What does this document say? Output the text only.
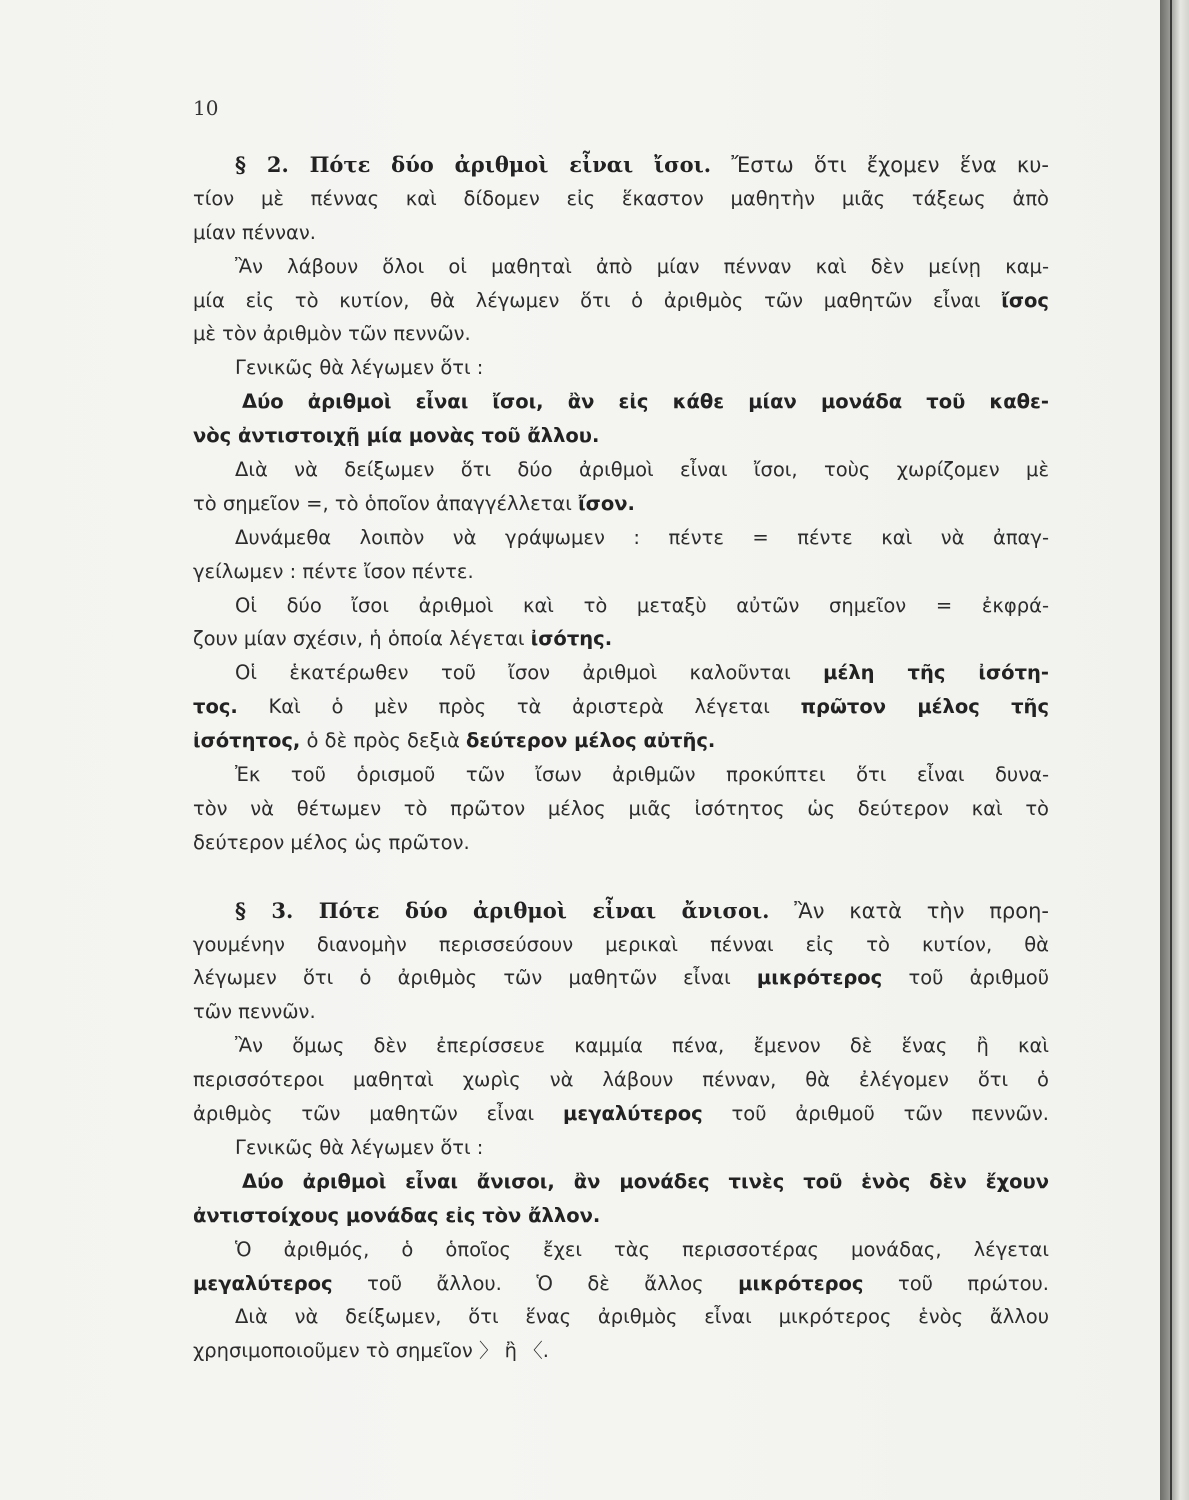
10
§ 2. Πότε δύο ἀριθμοὶ εἶναι ἴσοι. Ἔστω ὅτι ἔχομεν ἕνα κυ-
τίον μὲ πέννας καὶ δίδομεν εἰς ἕκαστον μαθητὴν μιᾶς τάξεως ἀπὸ
μίαν πένναν.
Ἂν λάβουν ὅλοι οἱ μαθηταὶ ἀπὸ μίαν πένναν καὶ δὲν μείνῃ καμ-
μία εἰς τὸ κυτίον, θὰ λέγωμεν ὅτι ὁ ἀριθμὸς τῶν μαθητῶν εἶναι ἴσος
μὲ τὸν ἀριθμὸν τῶν πεννῶν.
Γενικῶς θὰ λέγωμεν ὅτι :
Δύο ἀριθμοὶ εἶναι ἴσοι, ἂν εἰς κάθε μίαν μονάδα τοῦ καθε-
νὸς ἀντιστοιχῇ μία μονὰς τοῦ ἄλλου.
Διὰ νὰ δείξωμεν ὅτι δύο ἀριθμοὶ εἶναι ἴσοι, τοὺς χωρίζομεν μὲ
τὸ σημεῖον =, τὸ ὁποῖον ἀπαγγέλλεται ἴσον.
Δυνάμεθα λοιπὸν νὰ γράψωμεν : πέντε = πέντε καὶ νὰ ἀπαγ-
γείλωμεν : πέντε ἴσον πέντε.
Οἱ δύο ἴσοι ἀριθμοὶ καὶ τὸ μεταξὺ αὐτῶν σημεῖον = ἐκφρά-
ζουν μίαν σχέσιν, ἡ ὁποία λέγεται ἰσότης.
Οἱ ἑκατέρωθεν τοῦ ἴσον ἀριθμοὶ καλοῦνται μέλη τῆς ἰσότη-
τος. Καὶ ὁ μὲν πρὸς τὰ ἀριστερὰ λέγεται πρῶτον μέλος τῆς
ἰσότητος, ὁ δὲ πρὸς δεξιὰ δεύτερον μέλος αὐτῆς.
Ἐκ τοῦ ὁρισμοῦ τῶν ἴσων ἀριθμῶν προκύπτει ὅτι εἶναι δυνα-
τὸν νὰ θέτωμεν τὸ πρῶτον μέλος μιᾶς ἰσότητος ὡς δεύτερον καὶ τὸ
δεύτερον μέλος ὡς πρῶτον.
§ 3. Πότε δύο ἀριθμοὶ εἶναι ἄνισοι. Ἂν κατὰ τὴν προη-
γουμένην διανομὴν περισσεύσουν μερικαὶ πένναι εἰς τὸ κυτίον, θὰ
λέγωμεν ὅτι ὁ ἀριθμὸς τῶν μαθητῶν εἶναι μικρότερος τοῦ ἀριθμοῦ
τῶν πεννῶν.
Ἂν ὅμως δὲν ἐπερίσσευε καμμία πένα, ἔμενον δὲ ἕνας ἢ καὶ
περισσότεροι μαθηταὶ χωρὶς νὰ λάβουν πένναν, θὰ ἐλέγομεν ὅτι ὁ
ἀριθμὸς τῶν μαθητῶν εἶναι μεγαλύτερος τοῦ ἀριθμοῦ τῶν πεννῶν.
Γενικῶς θὰ λέγωμεν ὅτι :
Δύο ἀριθμοὶ εἶναι ἄνισοι, ἂν μονάδες τινὲς τοῦ ἑνὸς δὲν ἔχουν
ἀντιστοίχους μονάδας εἰς τὸν ἄλλον.
Ὁ ἀριθμός, ὁ ὁποῖος ἔχει τὰς περισσοτέρας μονάδας, λέγεται
μεγαλύτερος τοῦ ἄλλου. Ὁ δὲ ἄλλος μικρότερος τοῦ πρώτου.
Διὰ νὰ δείξωμεν, ὅτι ἕνας ἀριθμὸς εἶναι μικρότερος ἑνὸς ἄλλου
χρησιμοποιοῦμεν τὸ σημεῖον 〉 ἢ 〈.
